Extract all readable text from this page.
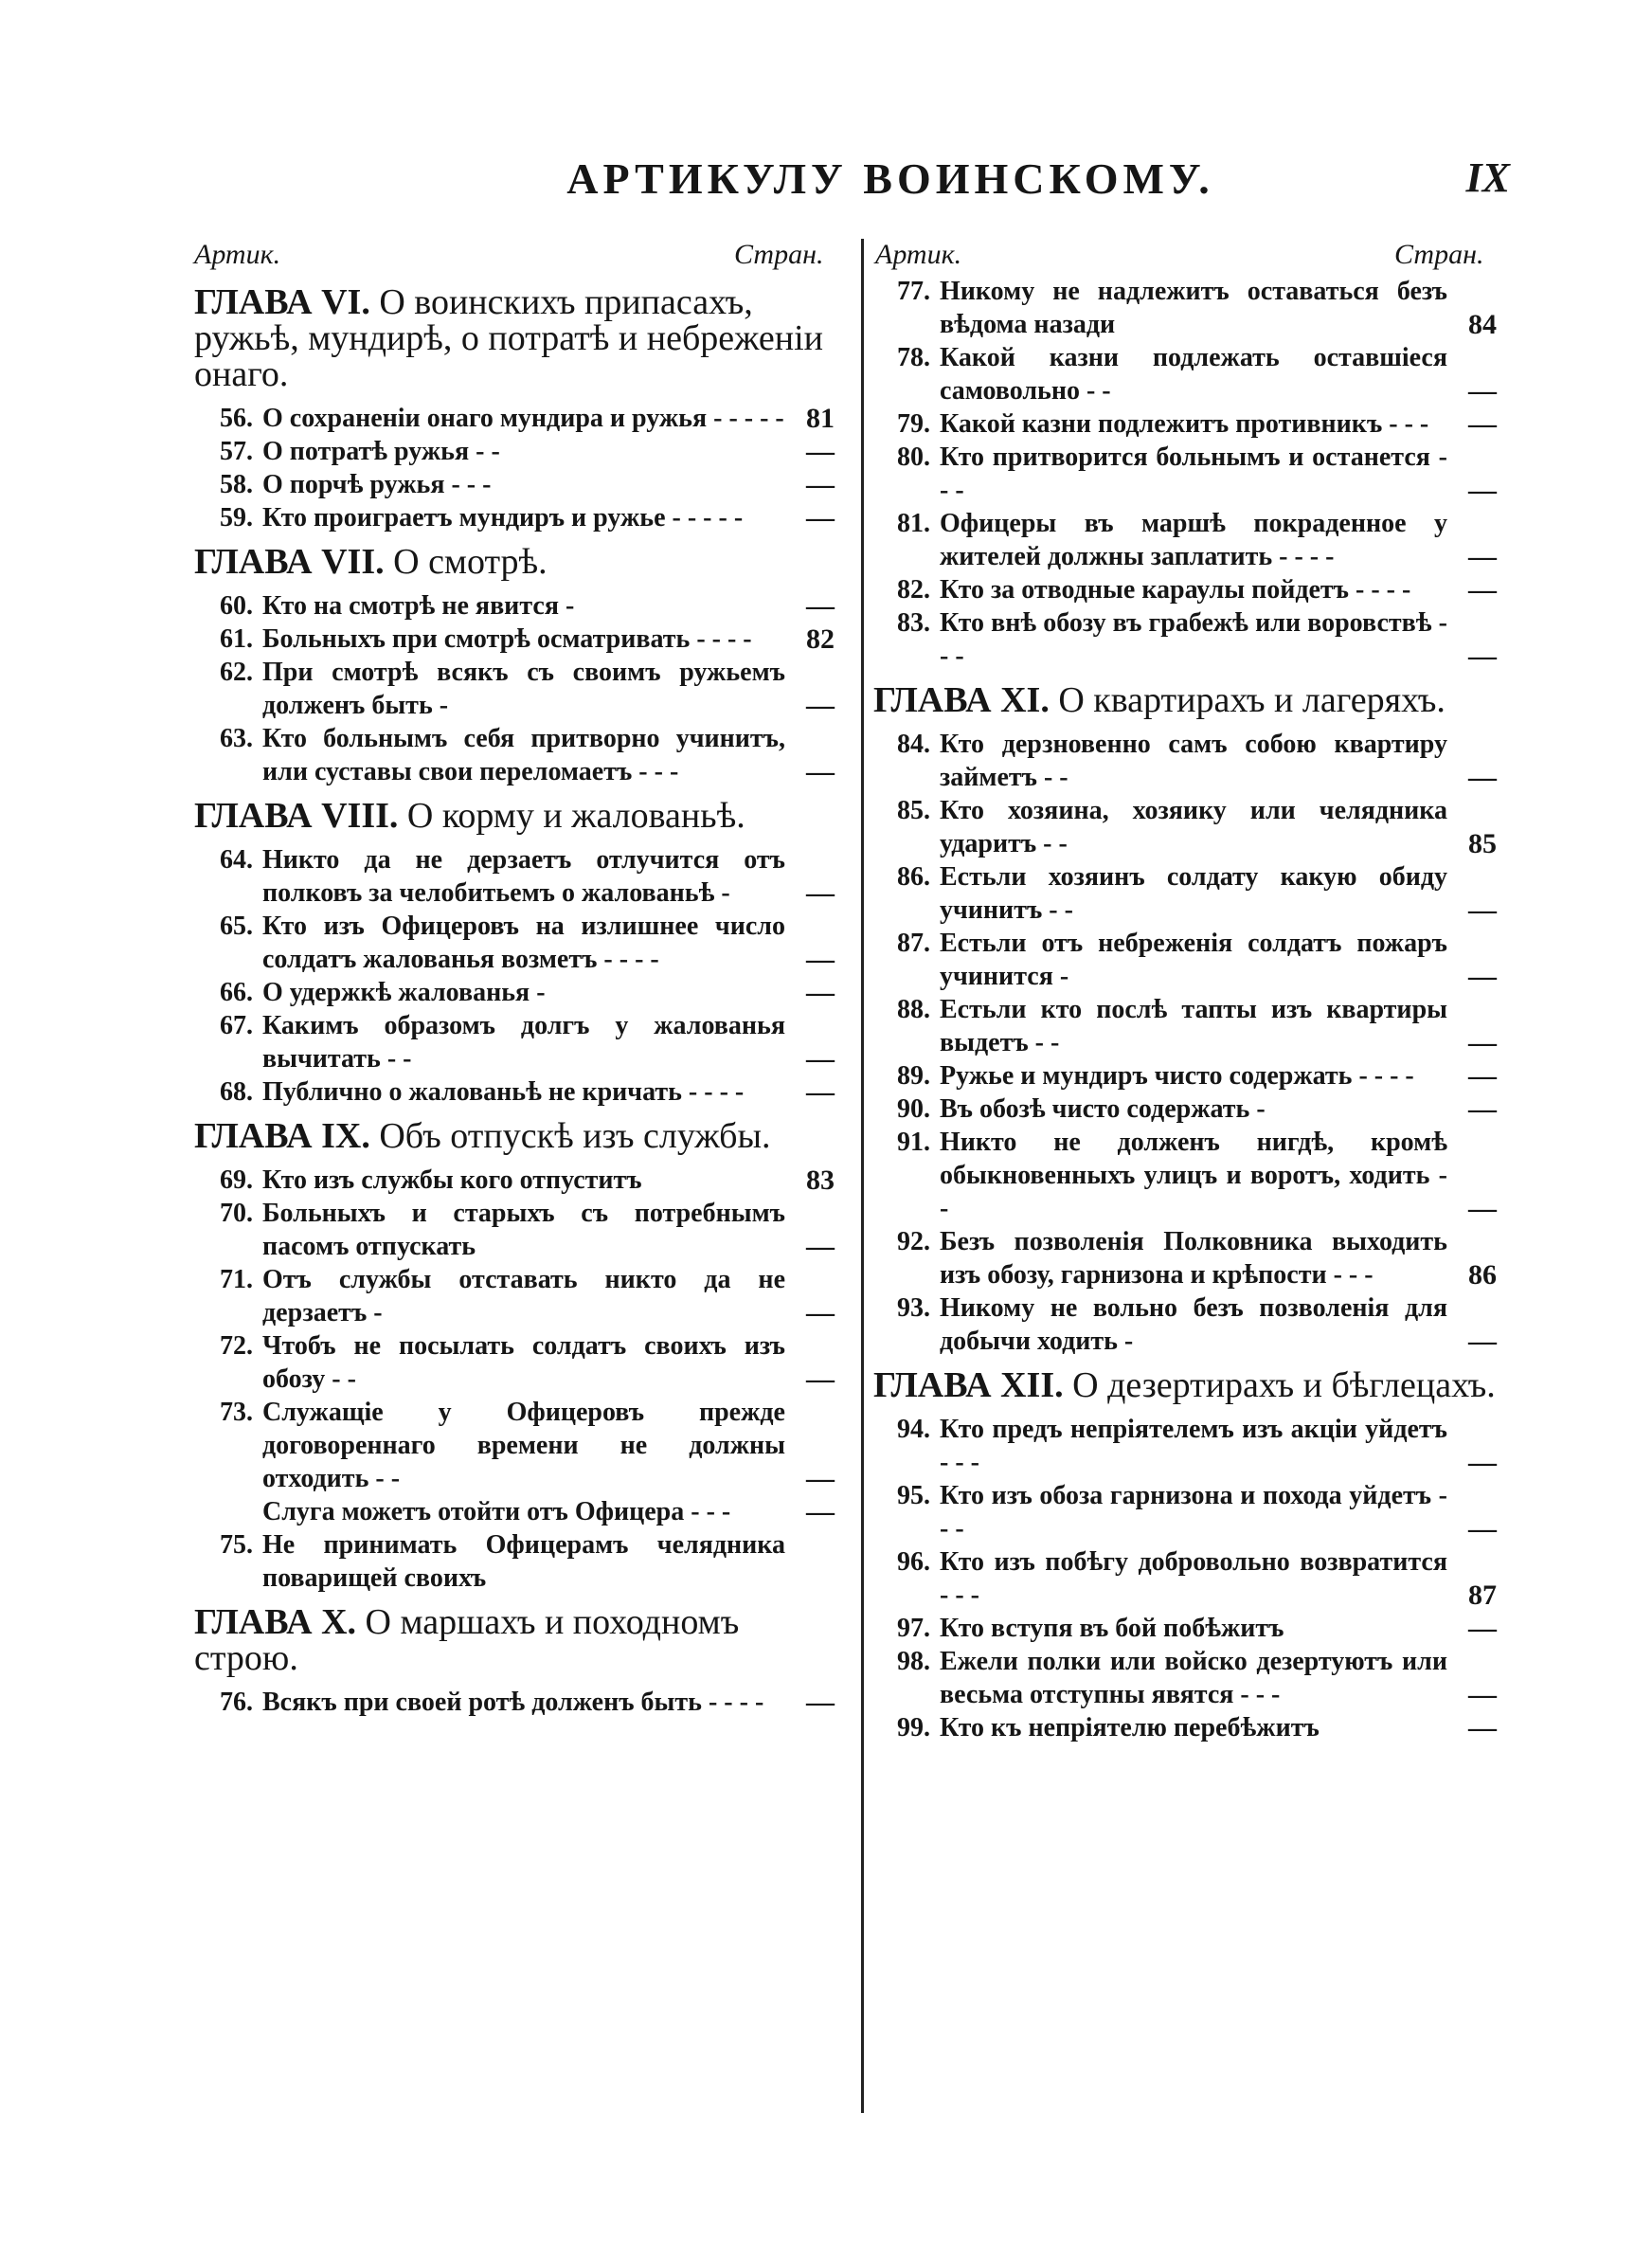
АРТИКУЛУ ВОИНСКОМУ.	IX
Артик.	Стран. Артик.	Стран.
ГЛАВА VI. О воинскихъ припасахъ, ружьѣ, мундирѣ, о потратѣ и небреженіи онаго.
56. О сохраненіи онаго мундира и ружья - - - - - 81
57. О потратѣ ружья - -	—
58. О порчѣ ружья - - -	—
59. Кто проиграетъ мундиръ и ружье - - - - -	—
ГЛАВА VII. О смотрѣ.
60. Кто на смотрѣ не явится -	—
61. Больныхъ при смотрѣ осматривать - - - -	82
62. При смотрѣ всякъ съ своимъ ружьемъ долженъ быть -	—
63. Кто больнымъ себя притворно учинитъ, или суставы свои переломаетъ - - -	—
ГЛАВА VIII. О корму и жалованьѣ.
64. Никто да не дерзаетъ отлучится отъ полковъ за челобитьемъ о жалованьѣ -	—
65. Кто изъ Офицеровъ на излишнее число солдатъ жалованья возметъ - - - -	—
66. О удержкѣ жалованья -	—
67. Какимъ образомъ долгъ у жалованья вычитать - -	—
68. Публично о жалованьѣ не кричать - - - -	—
ГЛАВА IX. Объ отпускѣ изъ службы.
69. Кто изъ службы кого отпуститъ	83
70. Больныхъ и старыхъ съ потребнымъ пасомъ отпускать	—
71. Отъ службы отставать никто да не дерзаетъ -	—
72. Чтобъ не посылать солдатъ своихъ изъ обозу - -	—
73. Служащіе у Офицеровъ прежде договореннаго времени не должны отходить - -	—
Слуга можетъ отойти отъ Офицера - - -	—
75. Не принимать Офицерамъ челядника поварищей своихъ
ГЛАВА X. О маршахъ и походномъ строю.
76. Всякъ при своей ротѣ долженъ быть - - - -	—
77. Никому не надлежитъ оставаться безъ вѣдома назади	84
78. Какой казни подлежать оставшіеся самовольно - -	—
79. Какой казни подлежитъ противникъ - - -	—
80. Кто притворится больнымъ и останется - - -	—
81. Офицеры въ маршѣ покраденное у жителей должны заплатить - - - -	—
82. Кто за отводные караулы пойдетъ - - - -	—
83. Кто внѣ обозу въ грабежѣ или воровствѣ - - -	—
ГЛАВА XI. О квартирахъ и лагеряхъ.
84. Кто дерзновенно самъ собою квартиру займетъ - -	—
85. Кто хозяина, хозяику или челядника ударитъ - -	85
86. Естьли хозяинъ солдату какую обиду учинитъ - -	—
87. Естьли отъ небреженія солдатъ пожаръ учинится -	—
88. Естьли кто послѣ тапты изъ квартиры выдетъ - -	—
89. Ружье и мундиръ чисто содержать - - - -	—
90. Въ обозѣ чисто содержать -	—
91. Никто не долженъ нигдѣ, кромѣ обыкновенныхъ улицъ и воротъ, ходить - -	—
92. Безъ позволенія Полковника выходить изъ обозу, гарнизона и крѣпости - - -	86
93. Никому не вольно безъ позволенія для добычи ходить -	—
ГЛАВА XII. О дезертирахъ и бѣглецахъ.
94. Кто предъ непріятелемъ изъ акціи уйдетъ - - -	—
95. Кто изъ обоза гарнизона и похода уйдетъ - - -	—
96. Кто изъ побѣгу добровольно возвратится - - -	87
97. Кто вступя въ бой побѣжитъ	—
98. Ежели полки или войско дезертуютъ или весьма отступны явятся - - -	—
99. Кто къ непріятелю перебѣжитъ	—
